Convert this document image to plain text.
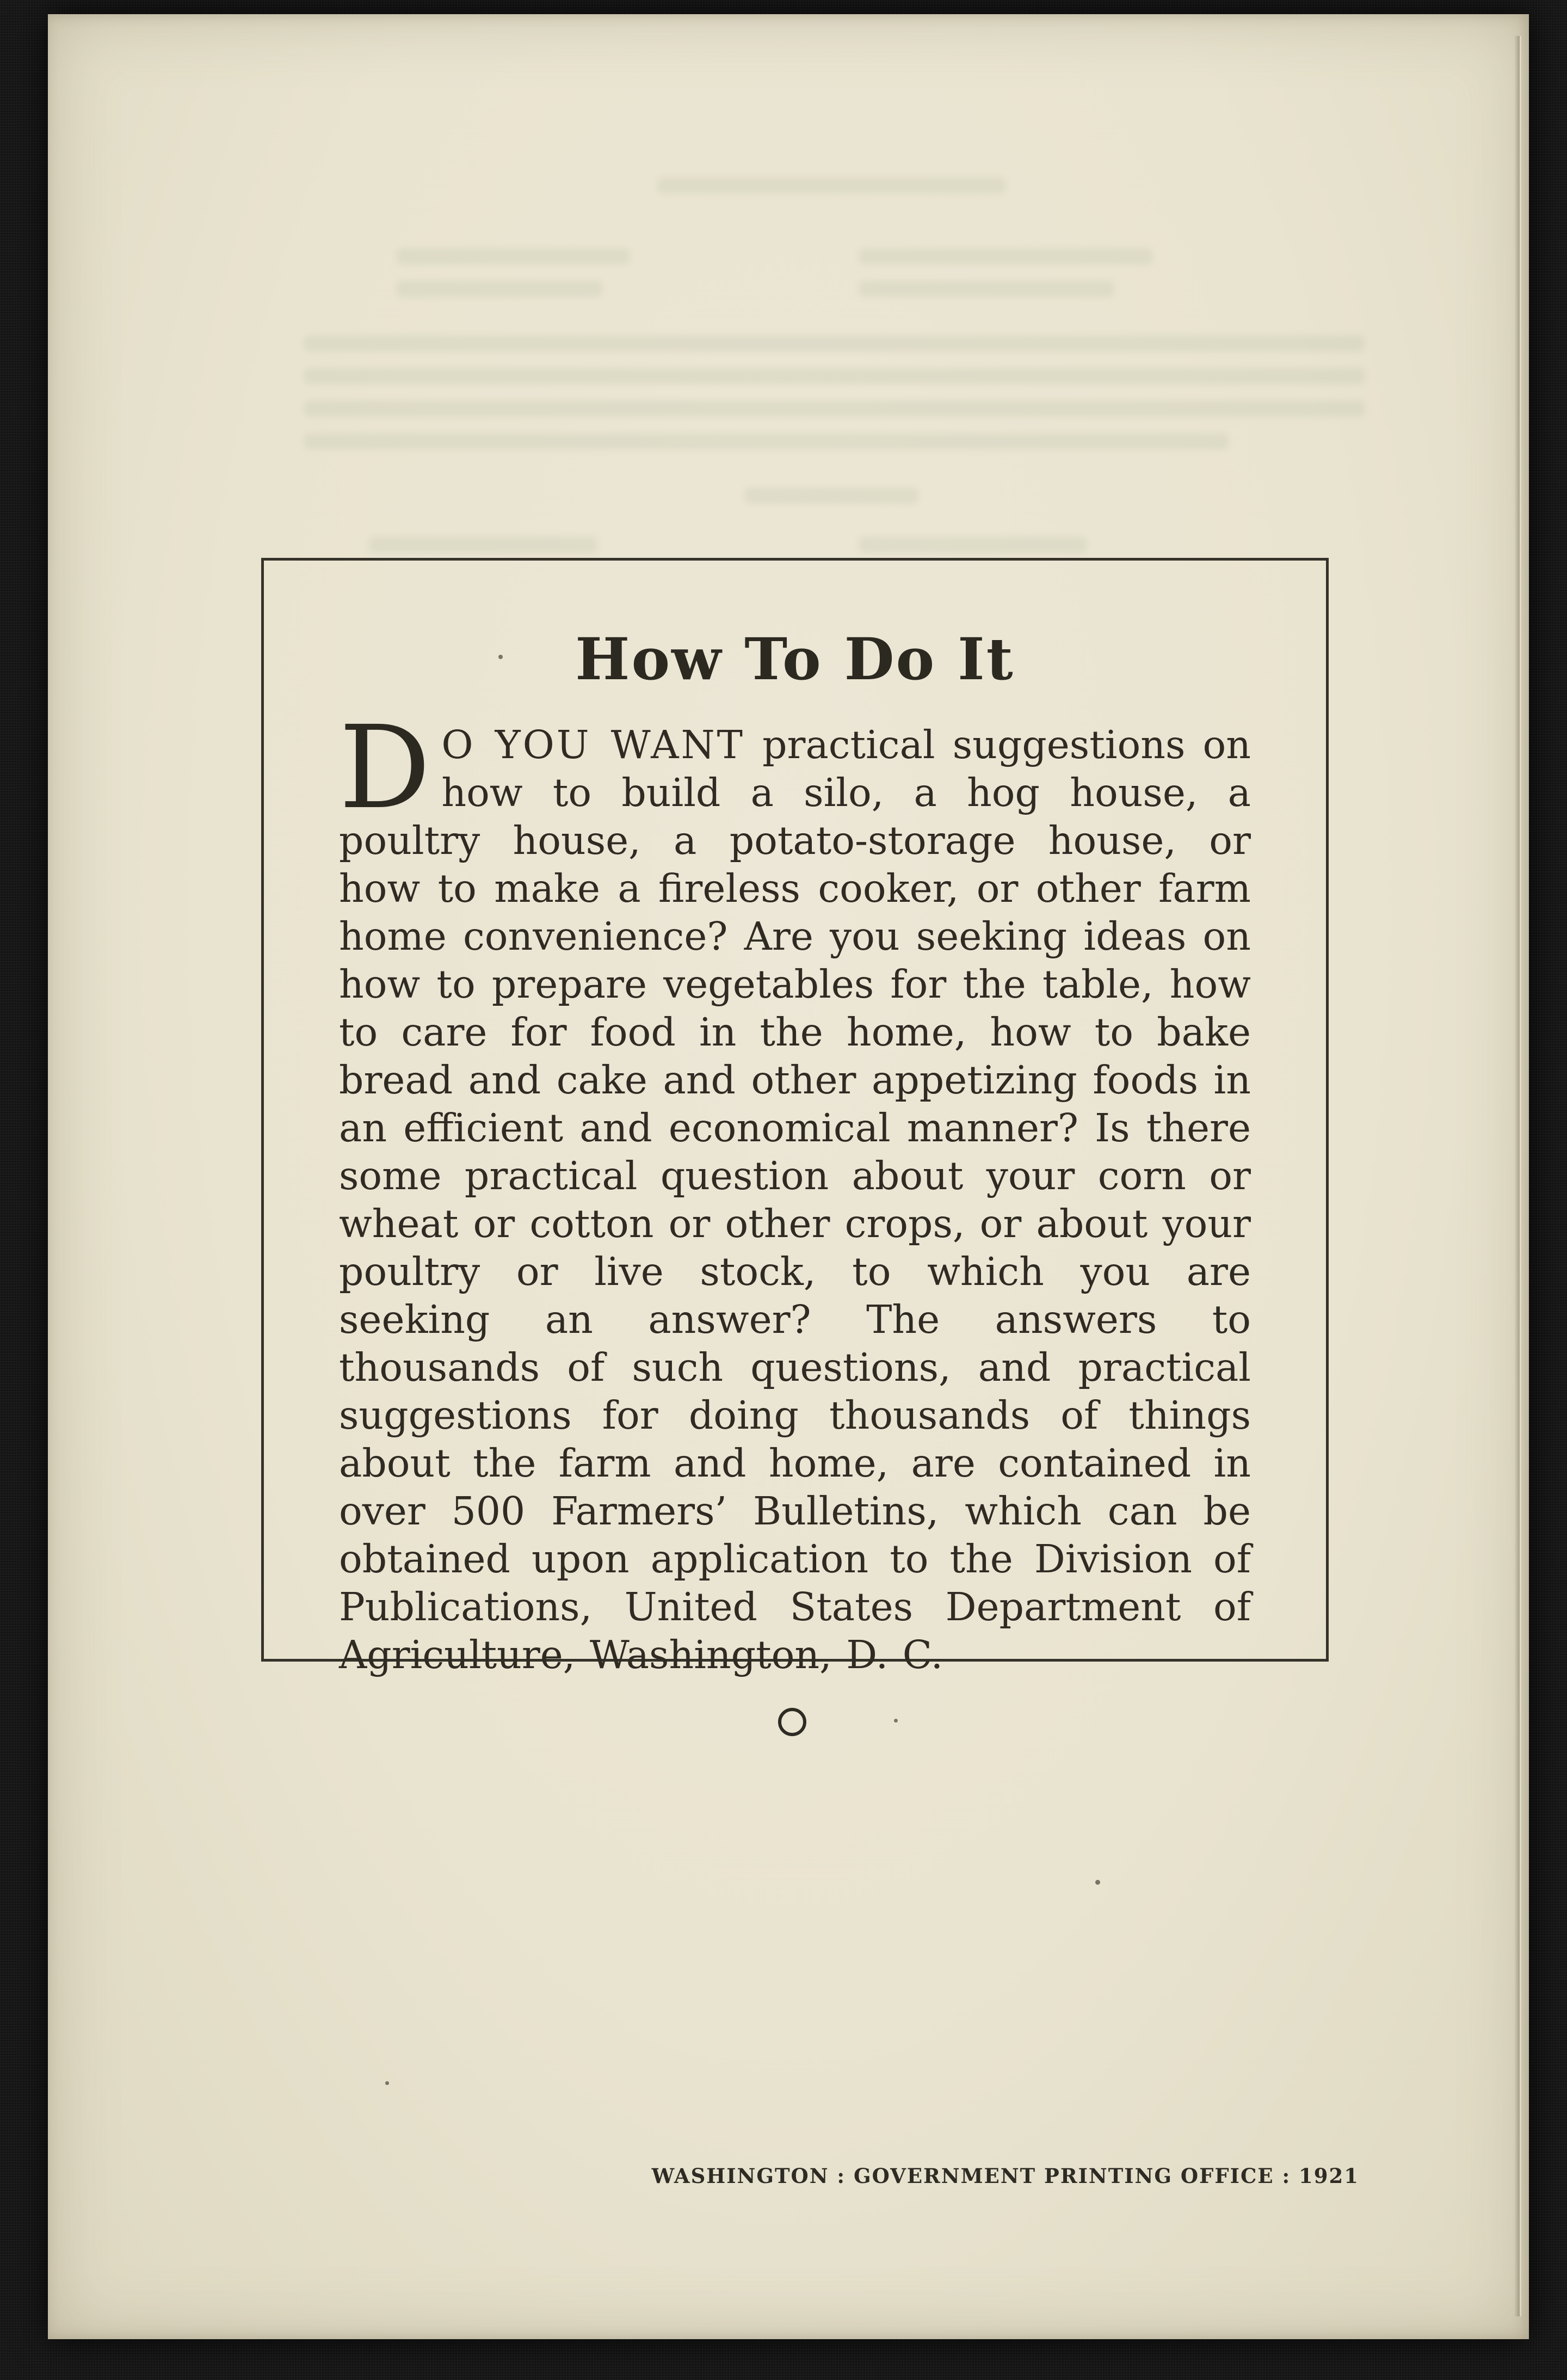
How To Do It

D O YOU WANT practical suggestions on how to build a silo, a hog house, a poultry house, a potato-storage house, or how to make a fireless cooker, or other farm home convenience? Are you seeking ideas on how to prepare vegetables for the table, how to care for food in the home, how to bake bread and cake and other appetizing foods in an efficient and economical manner? Is there some practical question about your corn or wheat or cotton or other crops, or about your poultry or live stock, to which you are seeking an answer? The answers to thousands of such questions, and practical suggestions for doing thousands of things about the farm and home, are contained in over 500 Farmers’ Bulletins, which can be obtained upon application to the Division of Publications, United States Department of Agriculture, Washington, D. C.

WASHINGTON : GOVERNMENT PRINTING OFFICE : 1921
